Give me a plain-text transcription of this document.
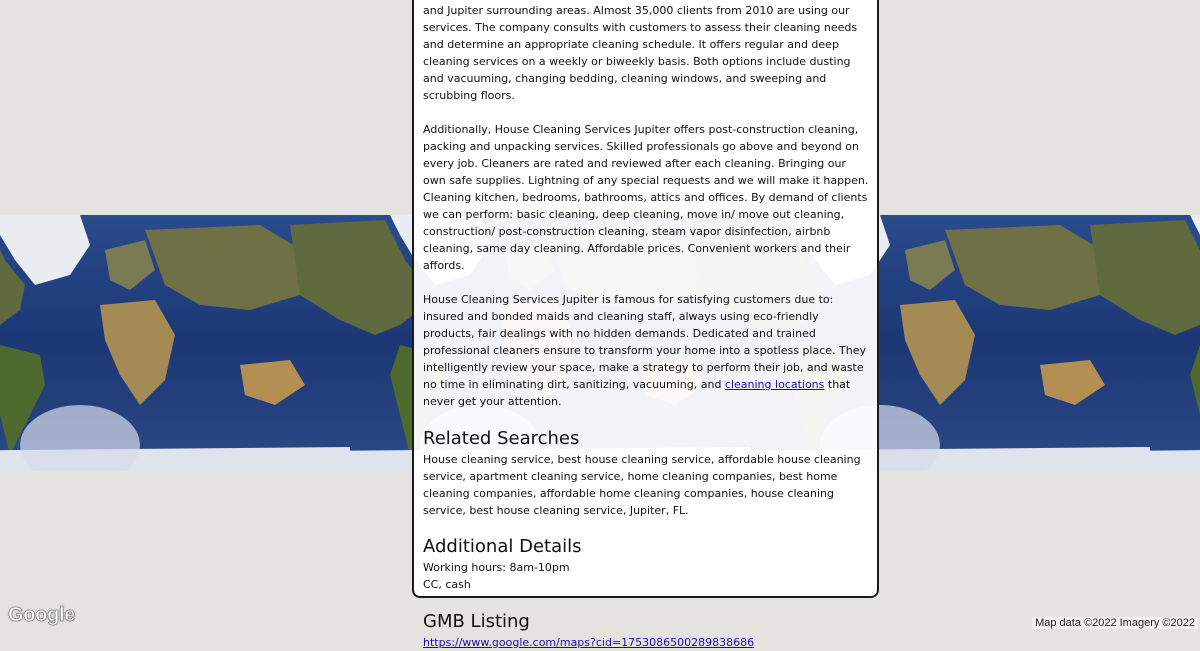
and Jupiter surrounding areas. Almost 35,000 clients from 2010 are using our services. The company consults with customers to assess their cleaning needs and determine an appropriate cleaning schedule. It offers regular and deep cleaning services on a weekly or biweekly basis. Both options include dusting and vacuuming, changing bedding, cleaning windows, and sweeping and scrubbing floors.

Additionally, House Cleaning Services Jupiter offers post-construction cleaning, packing and unpacking services. Skilled professionals go above and beyond on every job. Cleaners are rated and reviewed after each cleaning. Bringing our own safe supplies. Lightning of any special requests and we will make it happen. Cleaning kitchen, bedrooms, bathrooms, attics and offices. By demand of clients we can perform: basic cleaning, deep cleaning, move in/ move out cleaning, construction/ post-construction cleaning, steam vapor disinfection, airbnb cleaning, same day cleaning. Affordable prices. Convenient workers and their affords.

House Cleaning Services Jupiter is famous for satisfying customers due to: insured and bonded maids and cleaning staff, always using eco-friendly products, fair dealings with no hidden demands. Dedicated and trained professional cleaners ensure to transform your home into a spotless place. They intelligently review your space, make a strategy to perform their job, and waste no time in eliminating dirt, sanitizing, vacuuming, and cleaning locations that never get your attention.

Related Searches

House cleaning service, best house cleaning service, affordable house cleaning service, apartment cleaning service, home cleaning companies, best home cleaning companies, affordable home cleaning companies, house cleaning service, best house cleaning service, Jupiter, FL.

Additional Details

Working hours: 8am-10pm

CC, cash

GMB Listing
https://www.google.com/maps?cid=1753086500289838686
Google	Map data ©2022 Imagery ©2022
